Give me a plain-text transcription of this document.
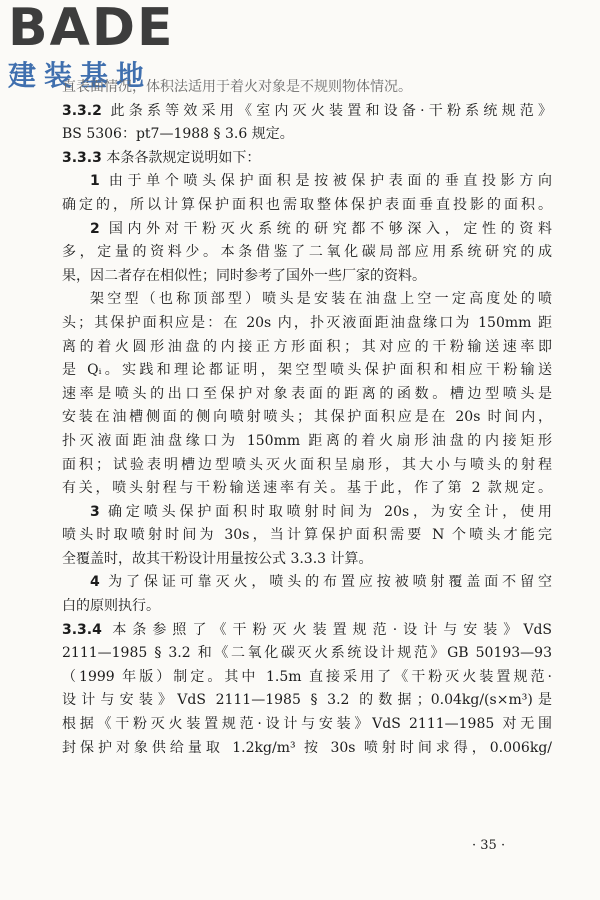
BADE
建装基地
直表面情况，体积法适用于着火对象是不规则物体情况。
3.3.2 此条系等效采用《室内灭火装置和设备·干粉系统规范》
BS 5306：pt7—1988 § 3.6 规定。
3.3.3 本条各款规定说明如下：
1 由于单个喷头保护面积是按被保护表面的垂直投影方向
确定的，所以计算保护面积也需取整体保护表面垂直投影的面积。
2 国内外对干粉灭火系统的研究都不够深入，定性的资料
多，定量的资料少。本条借鉴了二氧化碳局部应用系统研究的成
果，因二者存在相似性；同时参考了国外一些厂家的资料。
架空型（也称顶部型）喷头是安装在油盘上空一定高度处的喷
头；其保护面积应是：在 20s 内，扑灭液面距油盘缘口为 150mm 距
离的着火圆形油盘的内接正方形面积；其对应的干粉输送速率即
是 Qᵢ。实践和理论都证明，架空型喷头保护面积和相应干粉输送
速率是喷头的出口至保护对象表面的距离的函数。槽边型喷头是
安装在油槽侧面的侧向喷射喷头；其保护面积应是在 20s 时间内，
扑灭液面距油盘缘口为 150mm 距离的着火扇形油盘的内接矩形
面积；试验表明槽边型喷头灭火面积呈扇形，其大小与喷头的射程
有关，喷头射程与干粉输送速率有关。基于此，作了第 2 款规定。
3 确定喷头保护面积时取喷射时间为 20s，为安全计，使用
喷头时取喷射时间为 30s，当计算保护面积需要 N 个喷头才能完
全覆盖时，故其干粉设计用量按公式 3.3.3 计算。
4 为了保证可靠灭火，喷头的布置应按被喷射覆盖面不留空
白的原则执行。
3.3.4 本条参照了《干粉灭火装置规范·设计与安装》VdS
2111—1985 § 3.2 和《二氧化碳灭火系统设计规范》GB 50193—93
（1999 年版）制定。其中 1.5m 直接采用了《干粉灭火装置规范·
设计与安装》VdS 2111—1985 § 3.2 的数据；0.04kg/(s×m³)是
根据《干粉灭火装置规范·设计与安装》VdS 2111—1985 对无围
封保护对象供给量取 1.2kg/m³ 按 30s 喷射时间求得，0.006kg/
· 35 ·
